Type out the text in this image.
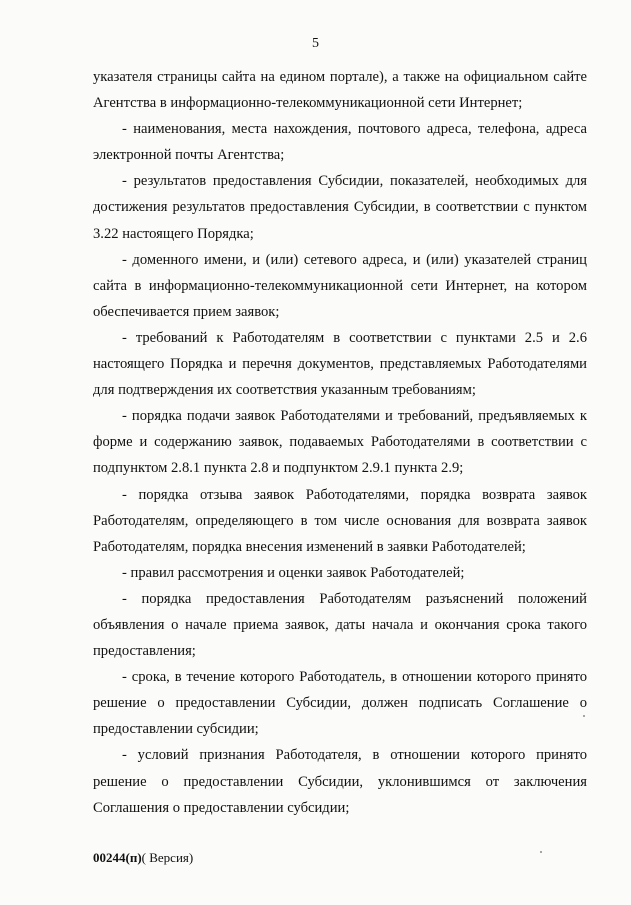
5

указателя страницы сайта на едином портале), а также на официальном сайте Агентства в информационно-телекоммуникационной сети Интернет;

- наименования, места нахождения, почтового адреса, телефона, адреса электронной почты Агентства;

- результатов предоставления Субсидии, показателей, необходимых для достижения результатов предоставления Субсидии, в соответствии с пунктом 3.22 настоящего Порядка;

- доменного имени, и (или) сетевого адреса, и (или) указателей страниц сайта в информационно-телекоммуникационной сети Интернет, на котором обеспечивается прием заявок;

- требований к Работодателям в соответствии с пунктами 2.5 и 2.6 настоящего Порядка и перечня документов, представляемых Работодателями для подтверждения их соответствия указанным требованиям;

- порядка подачи заявок Работодателями и требований, предъявляемых к форме и содержанию заявок, подаваемых Работодателями в соответствии с подпунктом 2.8.1 пункта 2.8 и подпунктом 2.9.1 пункта 2.9;

- порядка отзыва заявок Работодателями, порядка возврата заявок Работодателям, определяющего в том числе основания для возврата заявок Работодателям, порядка внесения изменений в заявки Работодателей;

- правил рассмотрения и оценки заявок Работодателей;

- порядка предоставления Работодателям разъяснений положений объявления о начале приема заявок, даты начала и окончания срока такого предоставления;

- срока, в течение которого Работодатель, в отношении которого принято решение о предоставлении Субсидии, должен подписать Соглашение о предоставлении субсидии;

- условий признания Работодателя, в отношении которого принято решение о предоставлении Субсидии, уклонившимся от заключения Соглашения о предоставлении субсидии;

00244(п)( Версия)
